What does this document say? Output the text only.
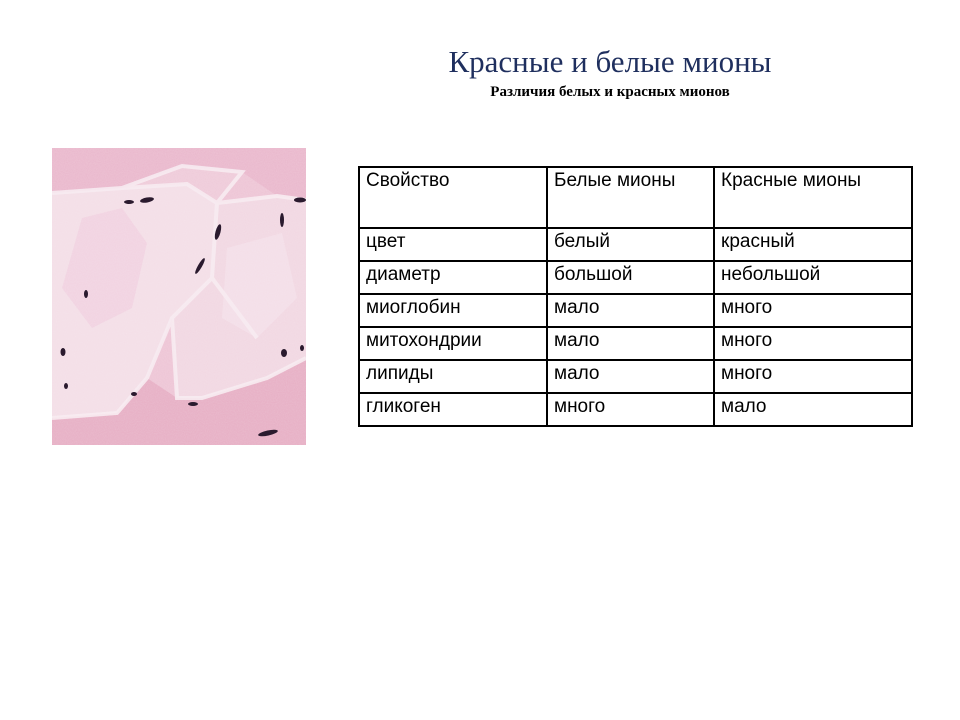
Красные и белые мионы
Различия белых и красных мионов
Свойство	Белые мионы	Красные мионы
цвет	белый	красный
диаметр	большой	небольшой
миоглобин	мало	много
митохондрии	мало	много
липиды	мало	много
гликоген	много	мало
